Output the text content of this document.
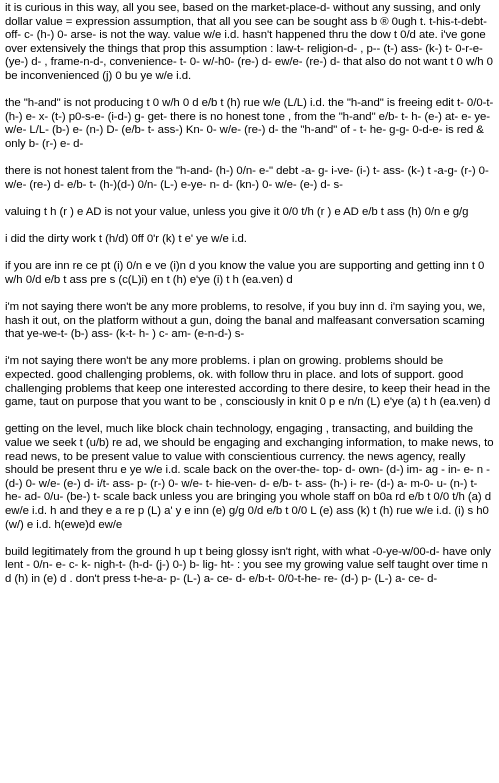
it is curious in this way, all you see, based on the market-place-d- without any sussing, and only dollar value = expression assumption, that all you see can be sought ass b ® 0ugh t. t-his-t-debt- off- c- (h-) 0- arse- is not the way. value w/e i.d. hasn't happened thru the dow t 0/d ate. i've gone over extensively the things that prop this assumption : law-t- religion-d- , p-- (t-) ass- (k-) t- 0-r-e- (ye-) d- , frame-n-d-, convenience- t- 0- w/-h0- (re-) d- ew/e- (re-) d- that also do not want t 0 w/h 0 be inconvenienced (j) 0 bu ye w/e i.d.

the "h-and" is not producing t 0 w/h 0 d e/b t (h) rue w/e (L/L) i.d. the "h-and" is freeing edit t- 0/0-t- (h-) e- x- (t-) p0-s-e- (i-d-) g- get- there is no honest tone , from the "h-and" e/b- t- h- (e-) at- e- ye- w/e- L/L- (b-) e- (n-) D- (e/b- t- ass-) Kn- 0- w/e- (re-) d- the "h-and" of - t- he- g-g- 0-d-e- is red & only b- (r-) e- d-

there is not honest talent from the "h-and- (h-) 0/n- e-" debt -a- g- i-ve- (i-) t- ass- (k-) t -a-g- (r-) 0- w/e- (re-) d- e/b- t- (h-)(d-) 0/n- (L-) e-ye- n- d- (kn-) 0- w/e- (e-) d- s-

valuing t h (r ) e AD is not your value, unless you give it 0/0 t/h (r ) e AD e/b t ass (h) 0/n e g/g

i did the dirty work t (h/d) 0ff 0'r (k) t e' ye w/e i.d.

if you are inn re ce pt (i) 0/n e ve (i)n d you know the value you are supporting and getting inn t 0 w/h 0/d e/b t ass pre s (c(L)i) en t (h) e'ye (i) t h (ea.ven) d

i'm not saying there won't be any more problems, to resolve, if you buy inn d. i'm saying you, we, hash it out, on the platform without a gun, doing the banal and malfeasant conversation scaming that ye-we-t- (b-) ass- (k-t- h- ) c- am- (e-n-d-) s-

i'm not saying there won't be any more problems. i plan on growing. problems should be expected. good challenging problems, ok. with follow thru in place. and lots of support. good challenging problems that keep one interested according to there desire, to keep their head in the game, taut on purpose that you want to be , consciously in knit 0 p e n/n (L) e'ye (a) t h (ea.ven) d

getting on the level, much like block chain technology, engaging , transacting, and building the value we seek t (u/b) re ad, we should be engaging and exchanging information, to make news, to read news, to be present value to value with conscientious currency. the news agency, really should be present thru e ye w/e i.d. scale back on the over-the- top- d- own- (d-) im- ag - in- e- n -(d-) 0- w/e- (e-) d- i/t- ass- p- (r-) 0- w/e- t- hie-ven- d- e/b- t- ass- (h-) i- re- (d-) a- m-0- u- (n-) t- he- ad- 0/u- (be-) t- scale back unless you are bringing you whole staff on b0a rd e/b t 0/0 t/h (a) d ew/e i.d. h and they e a re p (L) a' y e inn (e) g/g 0/d e/b t 0/0 L (e) ass (k) t (h) rue w/e i.d. (i) s h0 (w/) e i.d. h(ewe)d ew/e

build legitimately from the ground h up t being glossy isn't right, with what -0-ye-w/00-d- have only lent - 0/n- e- c- k- nigh-t- (h-d- (j-) 0-) b- lig- ht- : you see my growing value self taught over time n d (h) in (e) d . don't press t-he-a- p- (L-) a- ce- d- e/b-t- 0/0-t-he- re- (d-) p- (L-) a- ce- d-
